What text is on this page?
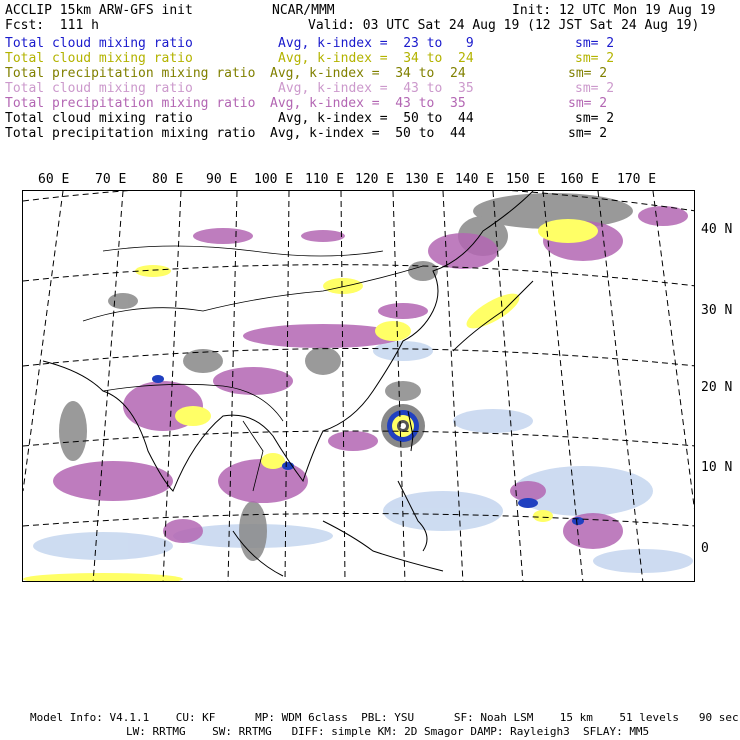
ACCLIP 15km ARW-GFS init	NCAR/MMM	Init: 12 UTC Mon 19 Aug 19
Fcst:  111 h	Valid: 03 UTC Sat 24 Aug 19 (12 JST Sat 24 Aug 19)
Total cloud mixing ratio	Avg, k-index =  23 to   9	sm= 2
Total cloud mixing ratio	Avg, k-index =  34 to  24	sm= 2
Total precipitation mixing ratio Avg, k-index =  34 to  24	sm= 2
Total cloud mixing ratio	Avg, k-index =  43 to  35	sm= 2
Total precipitation mixing ratio Avg, k-index =  43 to  35	sm= 2
Total cloud mixing ratio	Avg, k-index =  50 to  44	sm= 2
Total precipitation mixing ratio Avg, k-index =  50 to  44	sm= 2
60 E 70 E 80 E 90 E 100 E 110 E 120 E 130 E 140 E 150 E 160 E 170 E
40 N
30 N
20 N
10 N
0
Model Info: V4.1.1    CU: KF      MP: WDM 6class  PBL: YSU      SF: Noah LSM    15 km    51 levels   90 sec
LW: RRTMG    SW: RRTMG   DIFF: simple KM: 2D Smagor DAMP: Rayleigh3  SFLAY: MM5
